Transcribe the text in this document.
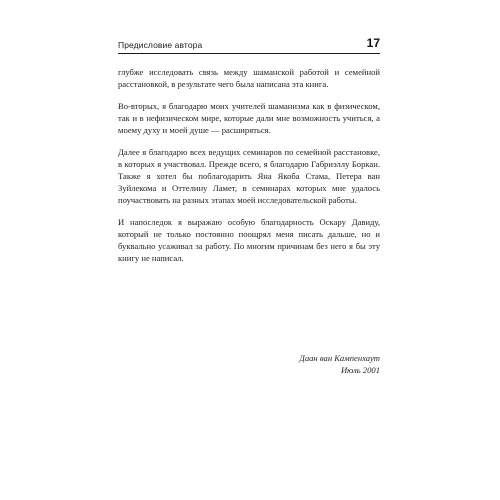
Предисловие автора	17

глубже исследовать связь между шаманской работой и семейной расстановкой, в результате чего была написана эта книга.

Во-вторых, я благодарю моих учителей шаманизма как в физическом, так и в нефизическом мире, которые дали мне возможность учиться, а моему духу и моей душе — расширяться.

Далее я благодарю всех ведущих семинаров по семейной расстановке, в которых я участвовал. Прежде всего, я благодарю Габриэллу Боркан. Также я хотел бы поблагодарить Яна Якоба Стама, Петера ван Зуйлекома и Оттелину Ламет, в семинарах которых мне удалось поучаствовать на разных этапах моей исследовательской работы.

И напоследок я выражаю особую благодарность Оскару Давиду, который не только постоянно поощрял меня писать дальше, но и буквально усаживал за работу. По многим причинам без него я бы эту книгу не написал.

Даан ван Кампенхаут
Июль 2001
